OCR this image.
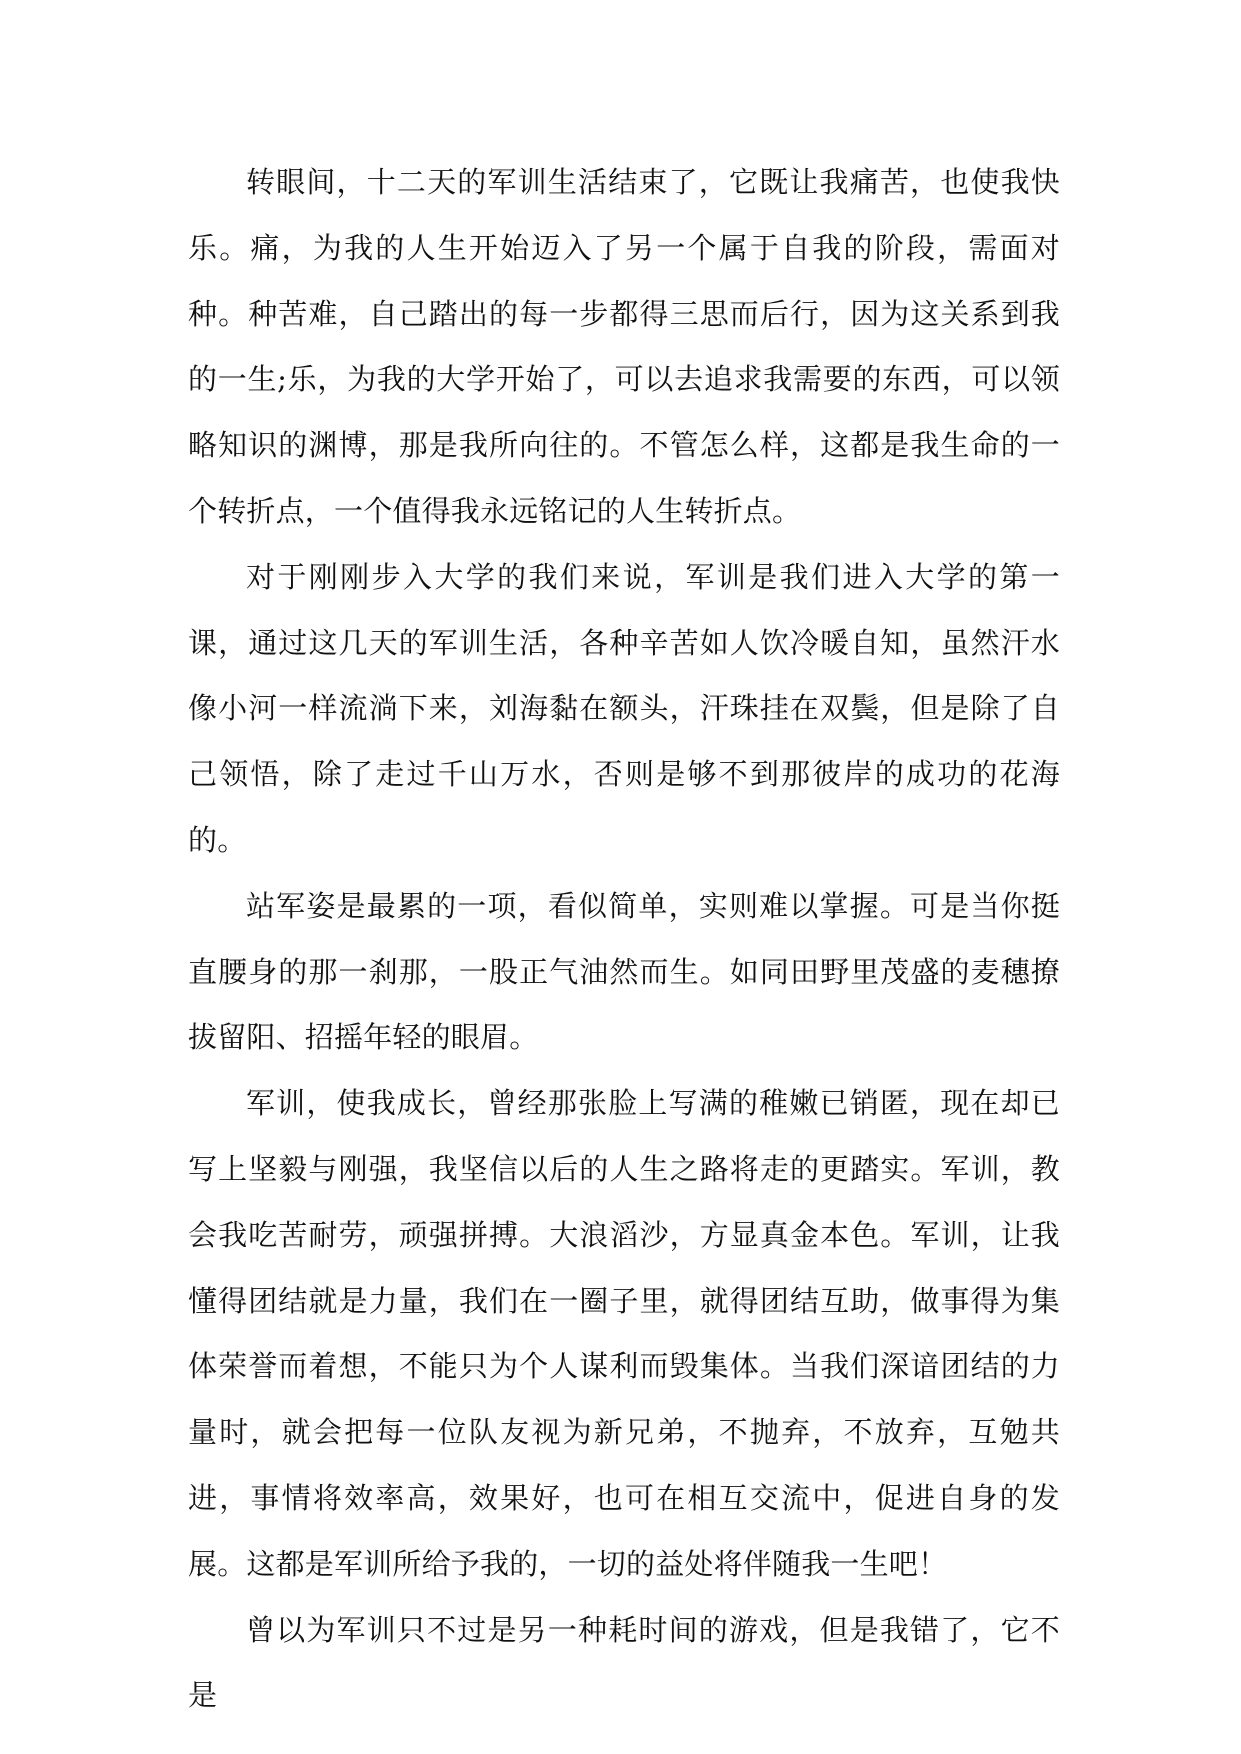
转眼间，十二天的军训生活结束了，它既让我痛苦，也使我快乐。痛，为我的人生开始迈入了另一个属于自我的阶段，需面对种。种苦难，自己踏出的每一步都得三思而后行，因为这关系到我的一生;乐，为我的大学开始了，可以去追求我需要的东西，可以领略知识的渊博，那是我所向往的。不管怎么样，这都是我生命的一个转折点，一个值得我永远铭记的人生转折点。

对于刚刚步入大学的我们来说，军训是我们进入大学的第一课，通过这几天的军训生活，各种辛苦如人饮冷暖自知，虽然汗水像小河一样流淌下来，刘海黏在额头，汗珠挂在双鬓，但是除了自己领悟，除了走过千山万水，否则是够不到那彼岸的成功的花海的。

站军姿是最累的一项，看似简单，实则难以掌握。可是当你挺直腰身的那一刹那，一股正气油然而生。如同田野里茂盛的麦穗撩拔留阳、招摇年轻的眼眉。

军训，使我成长，曾经那张脸上写满的稚嫩已销匿，现在却已写上坚毅与刚强，我坚信以后的人生之路将走的更踏实。军训，教会我吃苦耐劳，顽强拼搏。大浪滔沙，方显真金本色。军训，让我懂得团结就是力量，我们在一圈子里，就得团结互助，做事得为集体荣誉而着想，不能只为个人谋利而毁集体。当我们深谙团结的力量时，就会把每一位队友视为新兄弟，不抛弃，不放弃，互勉共进，事情将效率高，效果好，也可在相互交流中，促进自身的发展。这都是军训所给予我的，一切的益处将伴随我一生吧！

曾以为军训只不过是另一种耗时间的游戏，但是我错了，它不是
